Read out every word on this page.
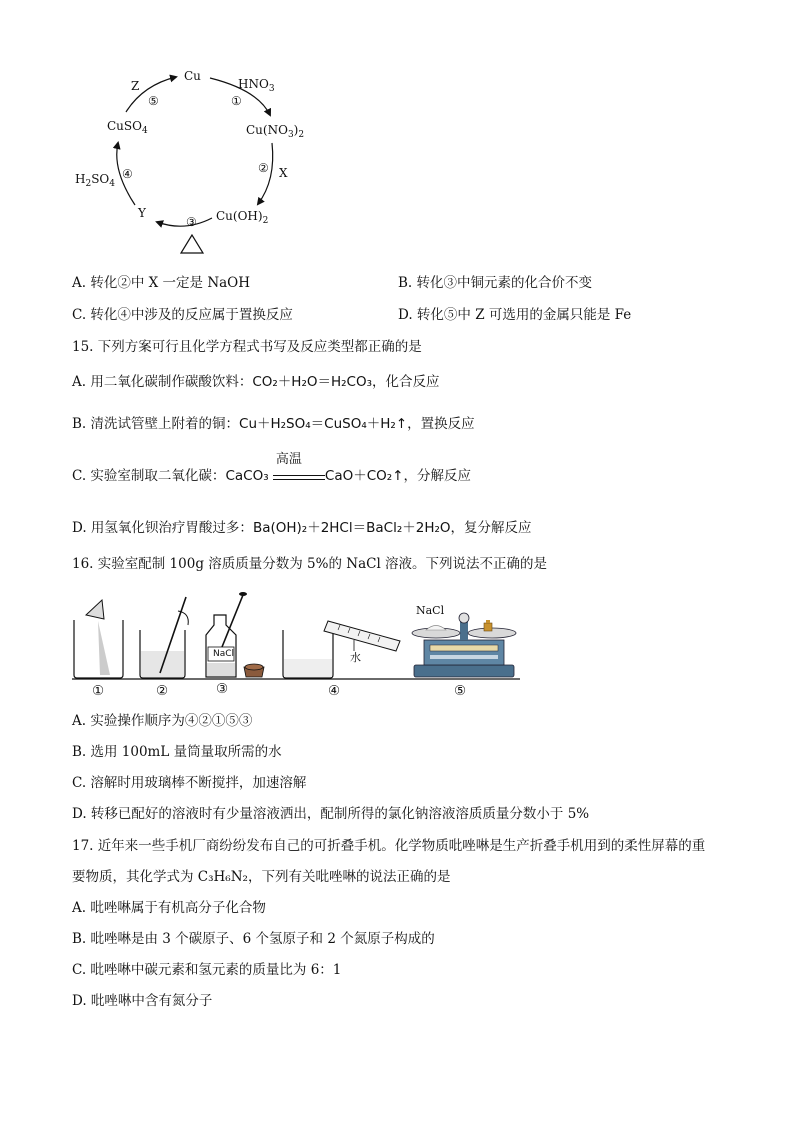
Cu
$HNO_3$
①
$Cu(NO_3)_2$
② X
$Cu(OH)_2$
③
Y
④
$H_2SO_4$
CuSO$_4$
⑤
Z
A. 转化②中 X 一定是 NaOH	B. 转化③中铜元素的化合价不变
C. 转化④中涉及的反应属于置换反应	D. 转化⑤中 Z 可选用的金属只能是 Fe
15. 下列方案可行且化学方程式书写及反应类型都正确的是
A. 用二氧化碳制作碳酸饮料：CO₂＋H₂O＝H₂CO₃，化合反应
B. 清洗试管壁上附着的铜：Cu＋H₂SO₄＝CuSO₄＋H₂↑，置换反应
C. 实验室制取二氧化碳：CaCO₃
高温
CaO＋CO₂↑，分解反应
D. 用氢氧化钡治疗胃酸过多：Ba(OH)₂＋2HCl＝BaCl₂＋2H₂O，复分解反应
16. 实验室配制 100g 溶质质量分数为 5%的 NaCl 溶液。下列说法不正确的是
NaCl	水
NaCl
①	②	③	④	⑤
A. 实验操作顺序为④②①⑤③
B. 选用 100mL 量筒量取所需的水
C. 溶解时用玻璃棒不断搅拌，加速溶解
D. 转移已配好的溶液时有少量溶液洒出，配制所得的氯化钠溶液溶质质量分数小于 5%
17. 近年来一些手机厂商纷纷发布自己的可折叠手机。化学物质吡唑啉是生产折叠手机用到的柔性屏幕的重
要物质，其化学式为 C₃H₆N₂，下列有关吡唑啉的说法正确的是
A. 吡唑啉属于有机高分子化合物
B. 吡唑啉是由 3 个碳原子、6 个氢原子和 2 个氮原子构成的
C. 吡唑啉中碳元素和氢元素的质量比为 6：1
D. 吡唑啉中含有氮分子
